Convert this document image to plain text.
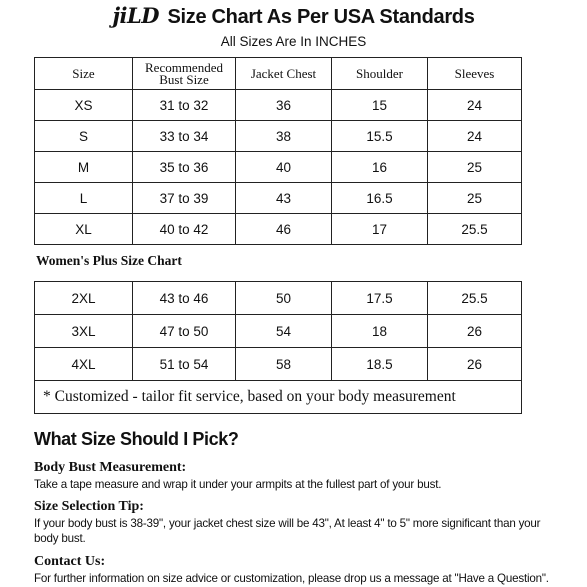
jiLD Size Chart As Per USA Standards
All Sizes Are In INCHES
Size	Recommended Bust Size	Jacket Chest	Shoulder	Sleeves
XS	31 to 32	36	15	24
S	33 to 34	38	15.5	24
M	35 to 36	40	16	25
L	37 to 39	43	16.5	25
XL	40 to 42	46	17	25.5
Women's Plus Size Chart
2XL	43 to 46	50	17.5	25.5
3XL	47 to 50	54	18	26
4XL	51 to 54	58	18.5	26
* Customized - tailor fit service, based on your body measurement				
What Size Should I Pick?
Body Bust Measurement:
Take a tape measure and wrap it under your armpits at the fullest part of your bust.
Size Selection Tip:
If your body bust is 38-39", your jacket chest size will be 43", At least 4" to 5" more significant than your body bust.
Contact Us:
For further information on size advice or customization, please drop us a message at "Have a Question".
